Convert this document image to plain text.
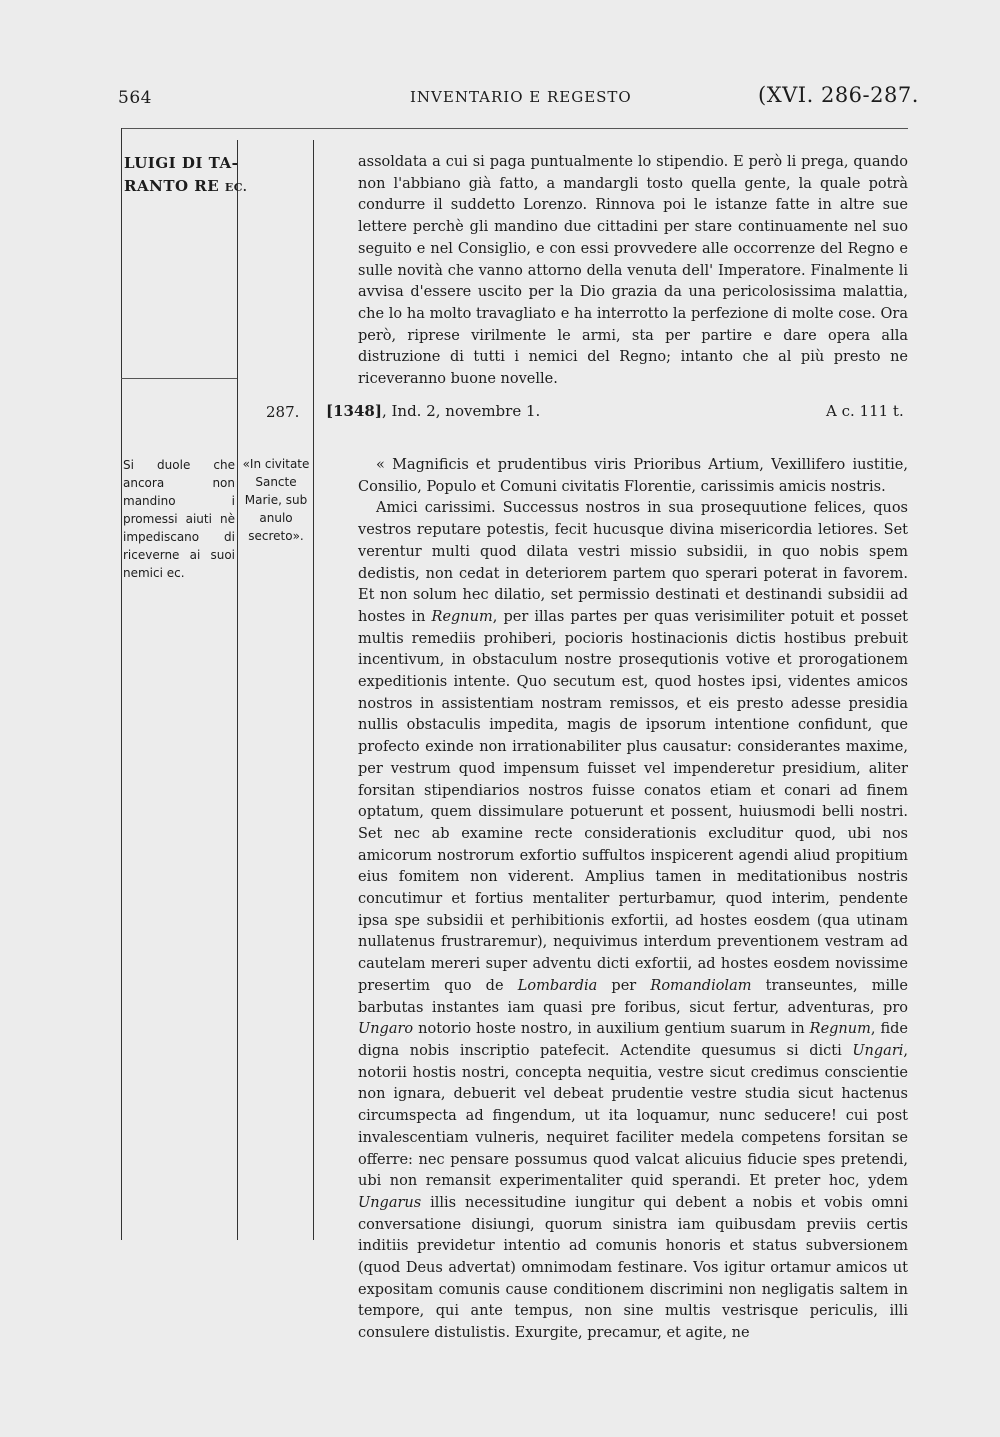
564	INVENTARIO E REGESTO	(XVI. 286-287.
LUIGI DI TA-
RANTO RE EC.
287.
Si duole che ancora non mandino i promessi aiuti nè impediscano di riceverne ai suoi nemici ec.
«In civitate Sancte Marie, sub anulo secreto».
assoldata a cui si paga puntualmente lo stipendio. E però li prega, quando non l'abbiano già fatto, a mandargli tosto quella gente, la quale potrà condurre il suddetto Lorenzo. Rinnova poi le istanze fatte in altre sue lettere perchè gli mandino due cittadini per stare continuamente nel suo seguito e nel Consiglio, e con essi provvedere alle occorrenze del Regno e sulle novità che vanno attorno della venuta dell' Imperatore. Finalmente li avvisa d'essere uscito per la Dio grazia da una pericolosissima malattia, che lo ha molto travagliato e ha interrotto la perfezione di molte cose. Ora però, riprese virilmente le armi, sta per partire e dare opera alla distruzione di tutti i nemici del Regno; intanto che al più presto ne riceveranno buone novelle.
[1348], Ind. 2, novembre 1.	A c. 111 t.
« Magnificis et prudentibus viris Prioribus Artium, Vexillifero iustitie, Consilio, Populo et Comuni civitatis Florentie, carissimis amicis nostris.
Amici carissimi. Successus nostros in sua prosequutione felices, quos vestros reputare potestis, fecit hucusque divina misericordia letiores. Set verentur multi quod dilata vestri missio subsidii, in quo nobis spem dedistis, non cedat in deteriorem partem quo sperari poterat in favorem. Et non solum hec dilatio, set permissio destinati et destinandi subsidii ad hostes in Regnum, per illas partes per quas verisimiliter potuit et posset multis remediis prohiberi, pocioris hostinacionis dictis hostibus prebuit incentivum, in obstaculum nostre prosequtionis votive et prorogationem expeditionis intente. Quo secutum est, quod hostes ipsi, videntes amicos nostros in assistentiam nostram remissos, et eis presto adesse presidia nullis obstaculis impedita, magis de ipsorum intentione confidunt, que profecto exinde non irrationabiliter plus causatur: considerantes maxime, per vestrum quod impensum fuisset vel impenderetur presidium, aliter forsitan stipendiarios nostros fuisse conatos etiam et conari ad finem optatum, quem dissimulare potuerunt et possent, huiusmodi belli nostri. Set nec ab examine recte considerationis excluditur quod, ubi nos amicorum nostrorum exfortio suffultos inspicerent agendi aliud propitium eius fomitem non viderent. Amplius tamen in meditationibus nostris concutimur et fortius mentaliter perturbamur, quod interim, pendente ipsa spe subsidii et perhibitionis exfortii, ad hostes eosdem (qua utinam nullatenus frustraremur), nequivimus interdum preventionem vestram ad cautelam mereri super adventu dicti exfortii, ad hostes eosdem novissime presertim quo de Lombardia per Romandiolam transeuntes, mille barbutas instantes iam quasi pre foribus, sicut fertur, adventuras, pro Ungaro notorio hoste nostro, in auxilium gentium suarum in Regnum, fide digna nobis inscriptio patefecit. Actendite quesumus si dicti Ungari, notorii hostis nostri, concepta nequitia, vestre sicut credimus conscientie non ignara, debuerit vel debeat prudentie vestre studia sicut hactenus circumspecta ad fingendum, ut ita loquamur, nunc seducere! cui post invalescentiam vulneris, nequiret faciliter medela competens forsitan se offerre: nec pensare possumus quod valcat alicuius fiducie spes pretendi, ubi non remansit experimentaliter quid sperandi. Et preter hoc, ydem Ungarus illis necessitudine iungitur qui debent a nobis et vobis omni conversatione disiungi, quorum sinistra iam quibusdam previis certis inditiis previdetur intentio ad comunis honoris et status subversionem (quod Deus advertat) omnimodam festinare. Vos igitur ortamur amicos ut expositam comunis cause conditionem discrimini non negligatis saltem in tempore, qui ante tempus, non sine multis vestrisque periculis, illi consulere distulistis. Exurgite, precamur, et agite, ne
